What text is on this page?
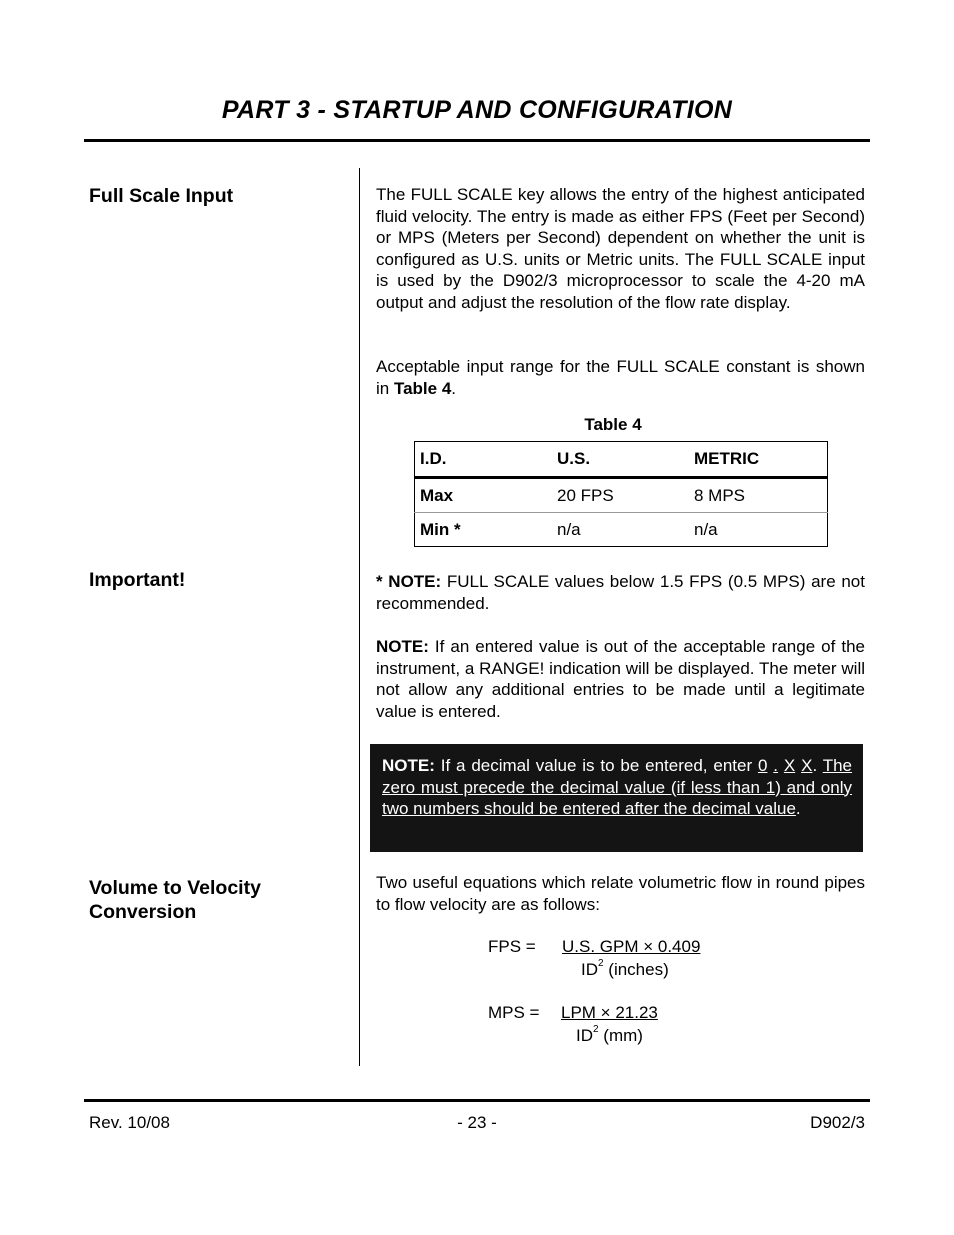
PART 3 - STARTUP AND CONFIGURATION
Full Scale Input	The FULL SCALE key allows the entry of the highest anticipated fluid velocity. The entry is made as either FPS (Feet per Second) or MPS (Meters per Second) dependent on whether the unit is configured as U.S. units or Metric units. The FULL SCALE input is used by the D902/3 microprocessor to scale the 4-20 mA output and adjust the resolution of the flow rate display.
Acceptable input range for the FULL SCALE constant is shown in Table 4.
Table 4
I.D.	U.S.	METRIC
Max	20 FPS	8 MPS
Min *	n/a	n/a
Important!	* NOTE: FULL SCALE values below 1.5 FPS (0.5 MPS) are not recommended.
NOTE: If an entered value is out of the acceptable range of the instrument, a RANGE! indication will be displayed. The meter will not allow any additional entries to be made until a legitimate value is entered.
NOTE: If a decimal value is to be entered, enter 0 . X X. The zero must precede the decimal value (if less than 1) and only two numbers should be entered after the decimal value.
Volume to Velocity
Conversion
Two useful equations which relate volumetric flow in round pipes to flow velocity are as follows:
FPS = U.S. GPM × 0.409
$ID^2$ (inches)
MPS = LPM × 21.23
$ID^2$ (mm)
Rev. 10/08	- 23 -	D902/3
